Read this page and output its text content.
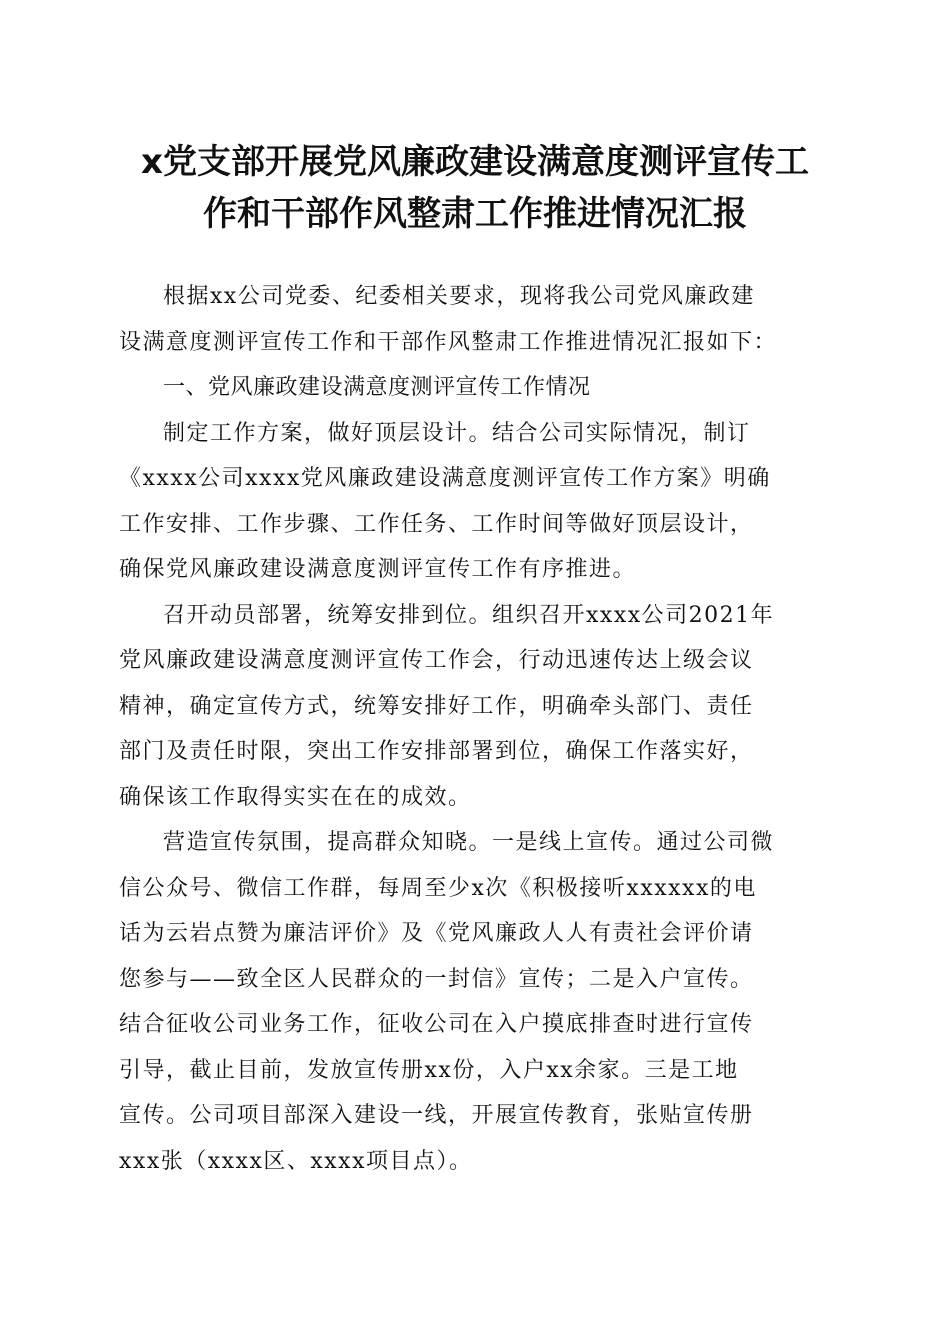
x党支部开展党风廉政建设满意度测评宣传工
作和干部作风整肃工作推进情况汇报

根据xx公司党委、纪委相关要求，现将我公司党风廉政建
设满意度测评宣传工作和干部作风整肃工作推进情况汇报如下：

一、党风廉政建设满意度测评宣传工作情况

制定工作方案，做好顶层设计。结合公司实际情况，制订
《xxxx公司xxxx党风廉政建设满意度测评宣传工作方案》明确
工作安排、工作步骤、工作任务、工作时间等做好顶层设计，
确保党风廉政建设满意度测评宣传工作有序推进。

召开动员部署，统筹安排到位。组织召开xxxx公司2021年
党风廉政建设满意度测评宣传工作会，行动迅速传达上级会议
精神，确定宣传方式，统筹安排好工作，明确牵头部门、责任
部门及责任时限，突出工作安排部署到位，确保工作落实好，
确保该工作取得实实在在的成效。

营造宣传氛围，提高群众知晓。一是线上宣传。通过公司微
信公众号、微信工作群，每周至少x次《积极接听xxxxxx的电
话为云岩点赞为廉洁评价》及《党风廉政人人有责社会评价请
您参与——致全区人民群众的一封信》宣传；二是入户宣传。
结合征收公司业务工作，征收公司在入户摸底排查时进行宣传
引导，截止目前，发放宣传册xx份，入户xx余家。三是工地
宣传。公司项目部深入建设一线，开展宣传教育，张贴宣传册
xxx张（xxxx区、xxxx项目点）。
